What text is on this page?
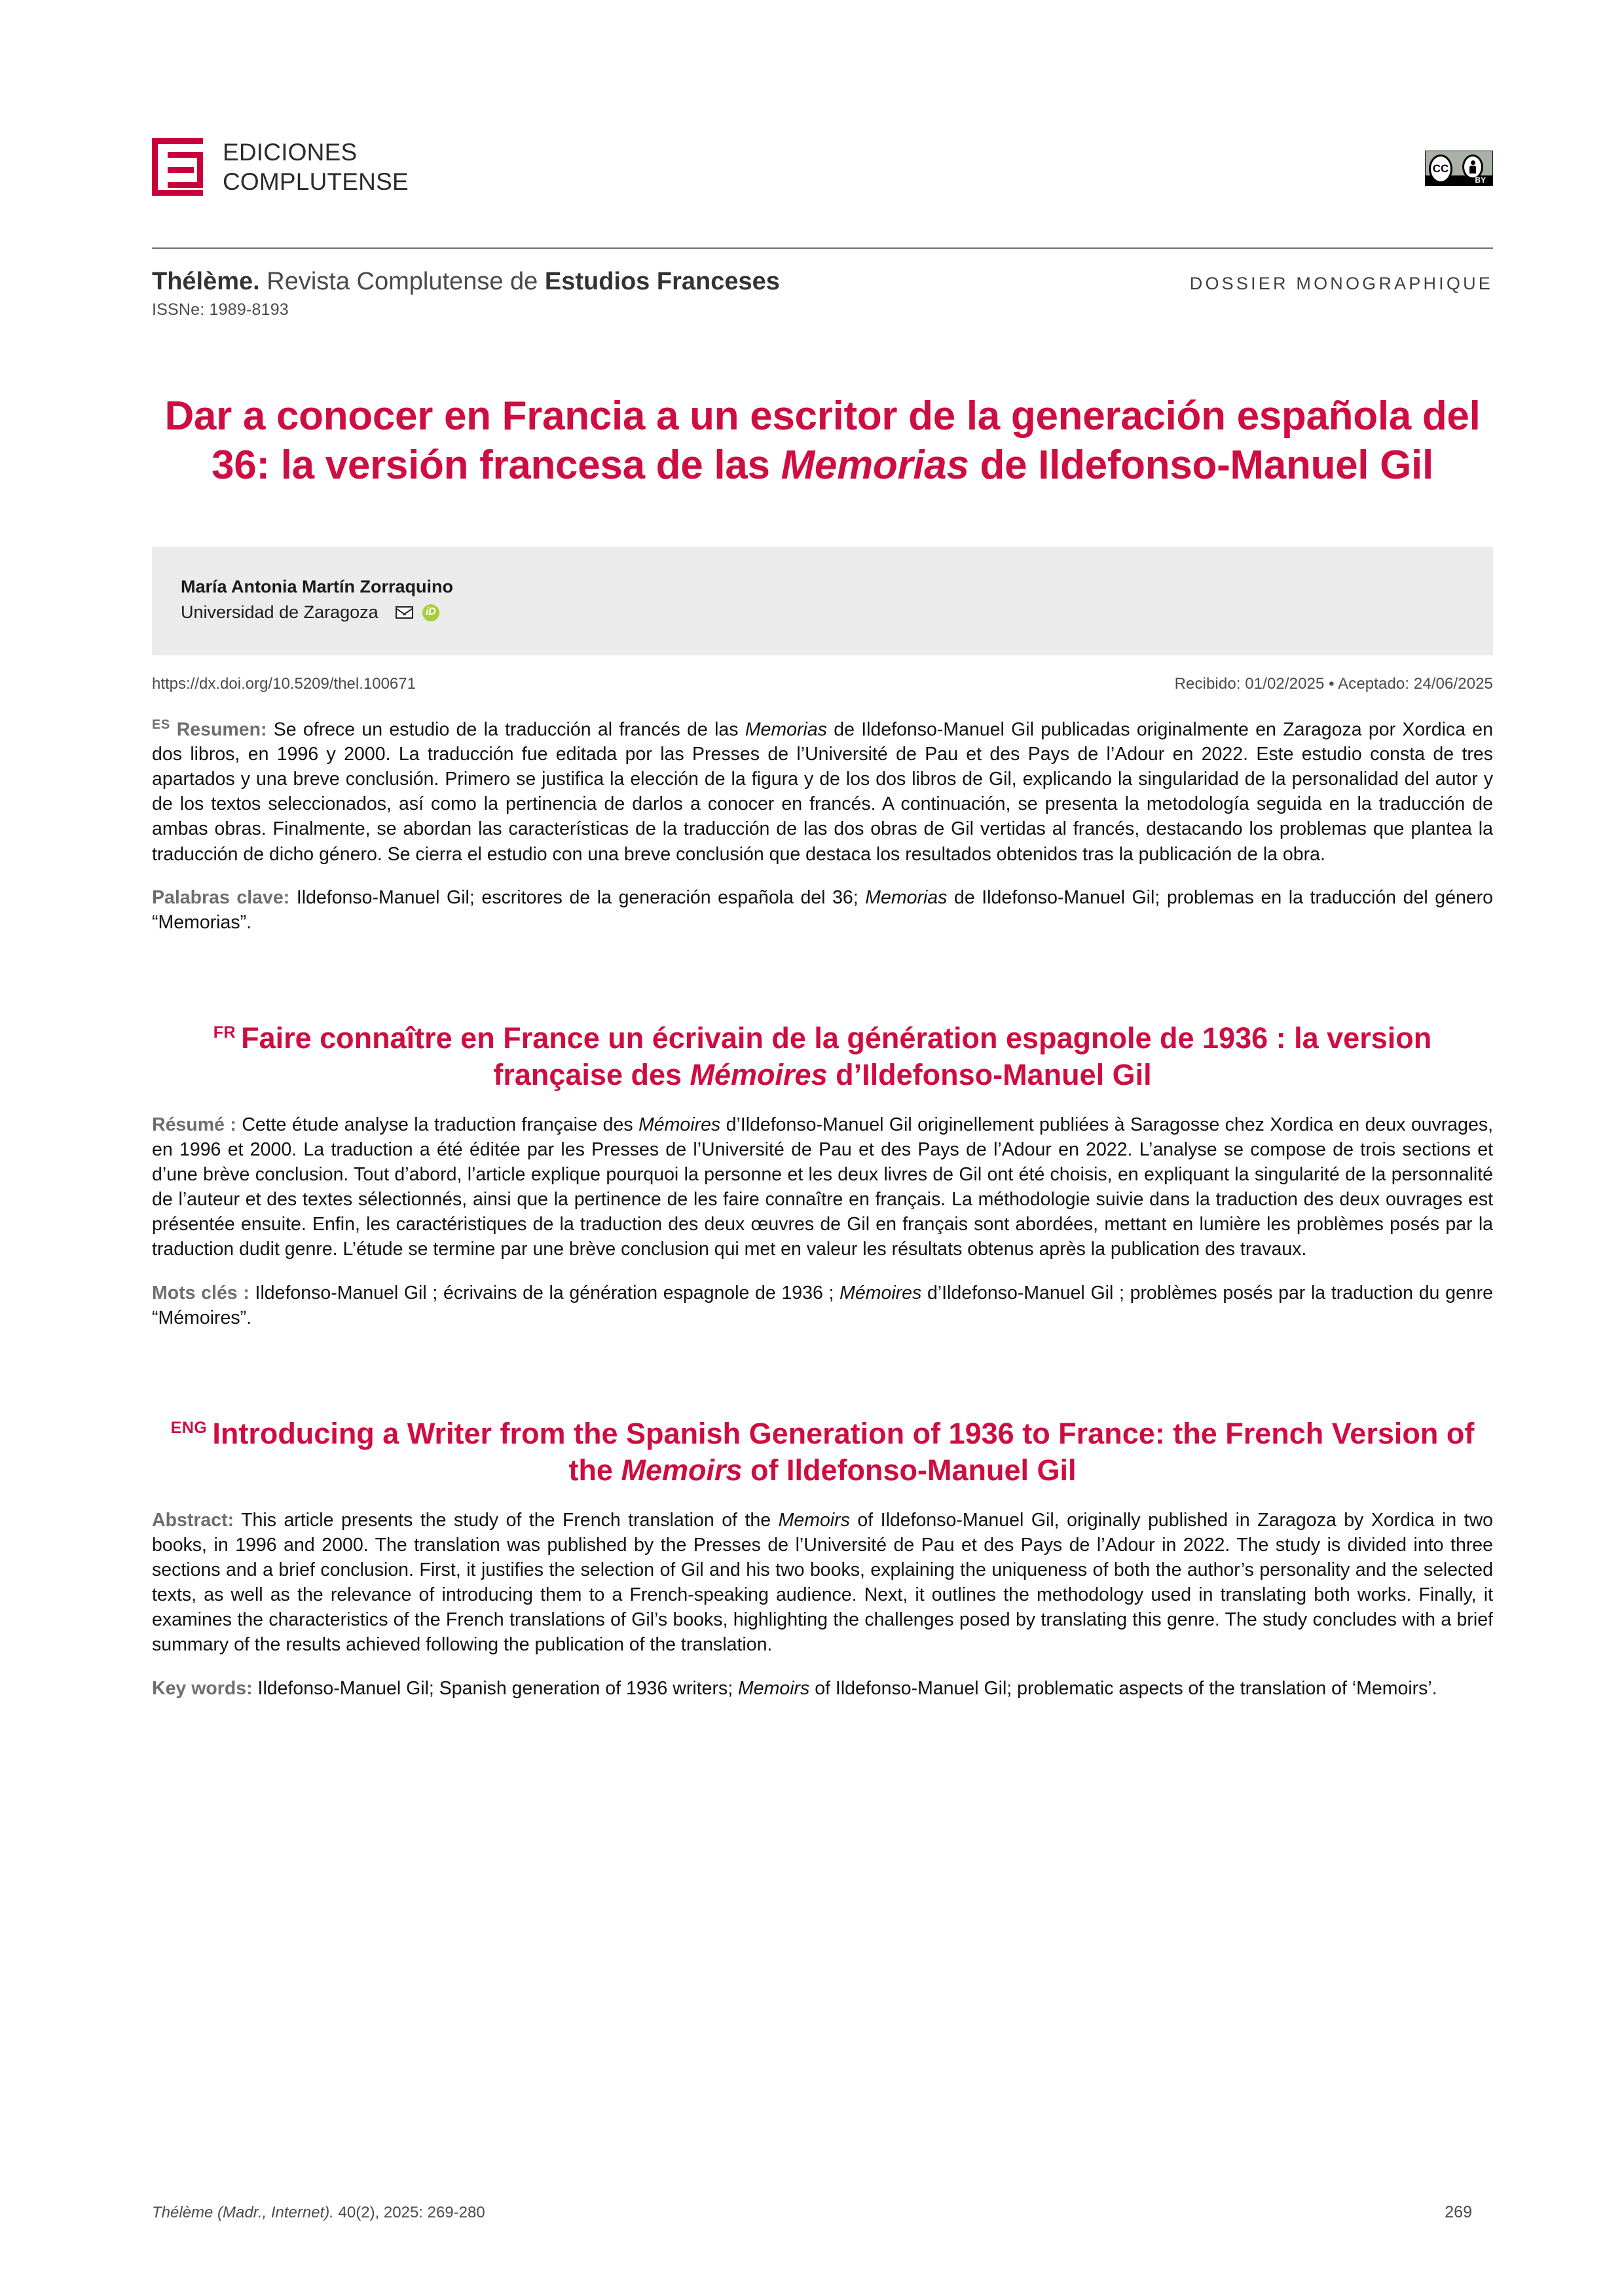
EDICIONES
COMPLUTENSE	CC
BY
Thélème. Revista Complutense de Estudios Franceses
ISSNe: 1989-8193
DOSSIER MONOGRAPHIQUE
Dar a conocer en Francia a un escritor de la generación española del 36: la versión francesa de las Memorias de Ildefonso-Manuel Gil
María Antonia Martín Zorraquino
Universidad de Zaragoza	iD
https://dx.doi.org/10.5209/thel.100671	Recibido: 01/02/2025 • Aceptado: 24/06/2025

$^{ES}$ Resumen: Se ofrece un estudio de la traducción al francés de las Memorias de Ildefonso-Manuel Gil publicadas originalmente en Zaragoza por Xordica en dos libros, en 1996 y 2000. La traducción fue editada por las Presses de l’Université de Pau et des Pays de l’Adour en 2022. Este estudio consta de tres apartados y una breve conclusión. Primero se justifica la elección de la figura y de los dos libros de Gil, explicando la singularidad de la personalidad del autor y de los textos seleccionados, así como la pertinencia de darlos a conocer en francés. A continuación, se presenta la metodología seguida en la traducción de ambas obras. Finalmente, se abordan las características de la traducción de las dos obras de Gil vertidas al francés, destacando los problemas que plantea la traducción de dicho género. Se cierra el estudio con una breve conclusión que destaca los resultados obtenidos tras la publicación de la obra.

Palabras clave: Ildefonso-Manuel Gil; escritores de la generación española del 36; Memorias de Ildefonso-Manuel Gil; problemas en la traducción del género “Memorias”.

$^{FR}$ Faire connaître en France un écrivain de la génération espagnole de 1936 : la version française des Mémoires d’Ildefonso-Manuel Gil

Résumé : Cette étude analyse la traduction française des Mémoires d’Ildefonso-Manuel Gil originellement publiées à Saragosse chez Xordica en deux ouvrages, en 1996 et 2000. La traduction a été éditée par les Presses de l’Université de Pau et des Pays de l’Adour en 2022. L’analyse se compose de trois sections et d’une brève conclusion. Tout d’abord, l’article explique pourquoi la personne et les deux livres de Gil ont été choisis, en expliquant la singularité de la personnalité de l’auteur et des textes sélectionnés, ainsi que la pertinence de les faire connaître en français. La méthodologie suivie dans la traduction des deux ouvrages est présentée ensuite. Enfin, les caractéristiques de la traduction des deux œuvres de Gil en français sont abordées, mettant en lumière les problèmes posés par la traduction dudit genre. L’étude se termine par une brève conclusion qui met en valeur les résultats obtenus après la publication des travaux.

Mots clés : Ildefonso-Manuel Gil ; écrivains de la génération espagnole de 1936 ; Mémoires d’Ildefonso-Manuel Gil ; problèmes posés par la traduction du genre “Mémoires”.

$^{ENG}$ Introducing a Writer from the Spanish Generation of 1936 to France: the French Version of the Memoirs of Ildefonso-Manuel Gil

Abstract: This article presents the study of the French translation of the Memoirs of Ildefonso-Manuel Gil, originally published in Zaragoza by Xordica in two books, in 1996 and 2000. The translation was published by the Presses de l’Université de Pau et des Pays de l’Adour in 2022. The study is divided into three sections and a brief conclusion. First, it justifies the selection of Gil and his two books, explaining the uniqueness of both the author’s personality and the selected texts, as well as the relevance of introducing them to a French-speaking audience. Next, it outlines the methodology used in translating both works. Finally, it examines the characteristics of the French translations of Gil’s books, highlighting the challenges posed by translating this genre. The study concludes with a brief summary of the results achieved following the publication of the translation.

Key words: Ildefonso-Manuel Gil; Spanish generation of 1936 writers; Memoirs of Ildefonso-Manuel Gil; problematic aspects of the translation of ‘Memoirs’.

Thélème (Madr., Internet). 40(2), 2025: 269-280	269
